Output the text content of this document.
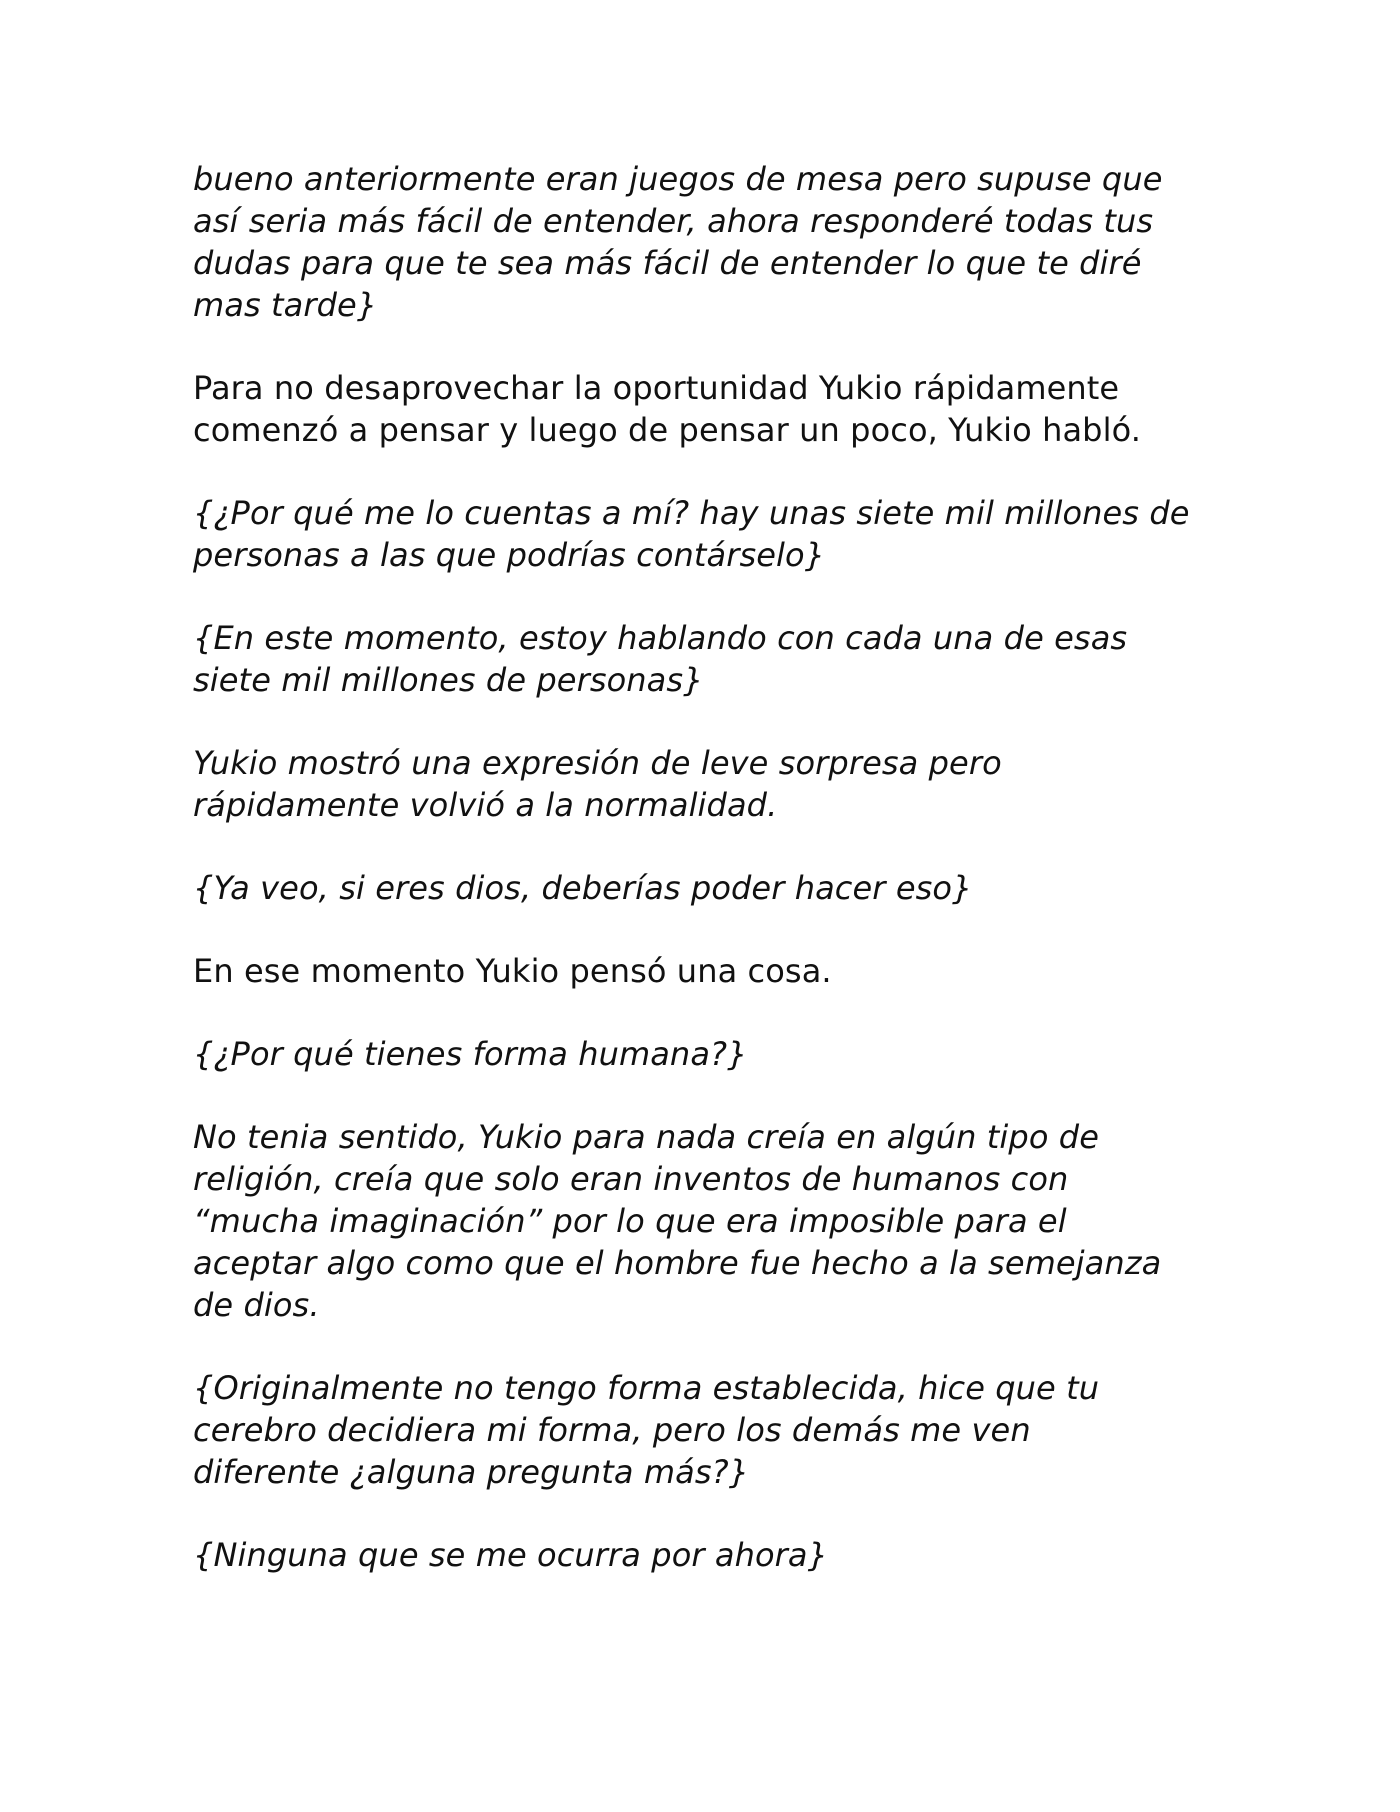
bueno anteriormente eran juegos de mesa pero supuse que
así seria más fácil de entender, ahora responderé todas tus
dudas para que te sea más fácil de entender lo que te diré
mas tarde}

Para no desaprovechar la oportunidad Yukio rápidamente
comenzó a pensar y luego de pensar un poco, Yukio habló.

{¿Por qué me lo cuentas a mí? hay unas siete mil millones de
personas a las que podrías contárselo}

{En este momento, estoy hablando con cada una de esas
siete mil millones de personas}

Yukio mostró una expresión de leve sorpresa pero
rápidamente volvió a la normalidad.

{Ya veo, si eres dios, deberías poder hacer eso}

En ese momento Yukio pensó una cosa.

{¿Por qué tienes forma humana?}

No tenia sentido, Yukio para nada creía en algún tipo de
religión, creía que solo eran inventos de humanos con
“mucha imaginación” por lo que era imposible para el
aceptar algo como que el hombre fue hecho a la semejanza
de dios.

{Originalmente no tengo forma establecida, hice que tu
cerebro decidiera mi forma, pero los demás me ven
diferente ¿alguna pregunta más?}

{Ninguna que se me ocurra por ahora}
